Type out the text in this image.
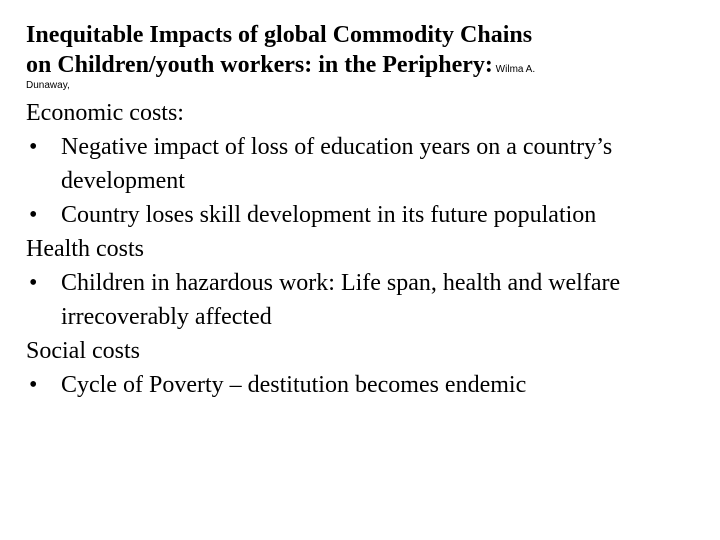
Inequitable Impacts of global Commodity Chains
on Children/youth workers: in the Periphery: Wilma A.
Dunaway,
Economic costs:
• Negative impact of loss of education years on a country’s development
• Country loses skill development in its future population
Health costs
• Children in hazardous work: Life span, health and welfare irrecoverably affected
Social costs
• Cycle of Poverty – destitution becomes endemic
